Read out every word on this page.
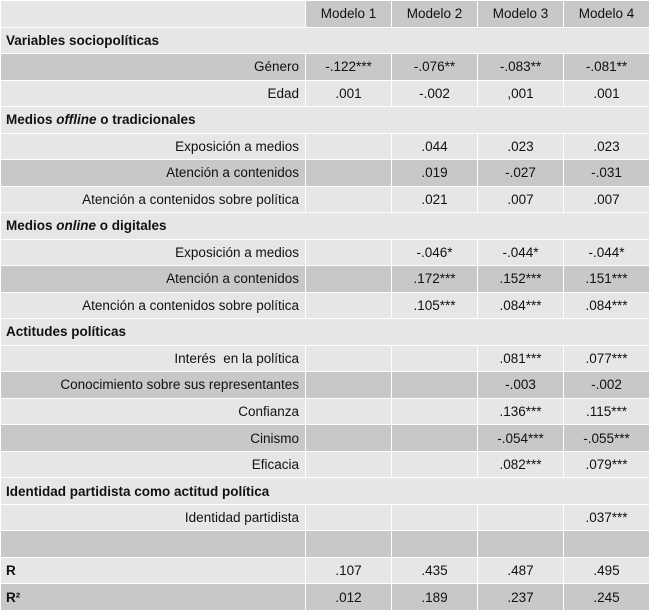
	Modelo 1	Modelo 2	Modelo 3	Modelo 4
Variables sociopolíticas				
Género	-.122***	-.076**	-.083**	-.081**
Edad	.001	-.002	,001	.001
Medios offline o tradicionales				
Exposición a medios		.044	.023	.023
Atención a contenidos		.019	-.027	-.031
Atención a contenidos sobre política		.021	.007	.007
Medios online o digitales				
Exposición a medios		-.046*	-.044*	-.044*
Atención a contenidos		.172***	.152***	.151***
Atención a contenidos sobre política		.105***	.084***	.084***
Actitudes políticas				
Interés  en la política			.081***	.077***
Conocimiento sobre sus representantes			-.003	-.002
Confianza			.136***	.115***
Cinismo			-.054***	-.055***
Eficacia			.082***	.079***
Identidad partidista como actitud política				
Identidad partidista				.037***

R	.107	.435	.487	.495
R²	.012	.189	.237	.245
